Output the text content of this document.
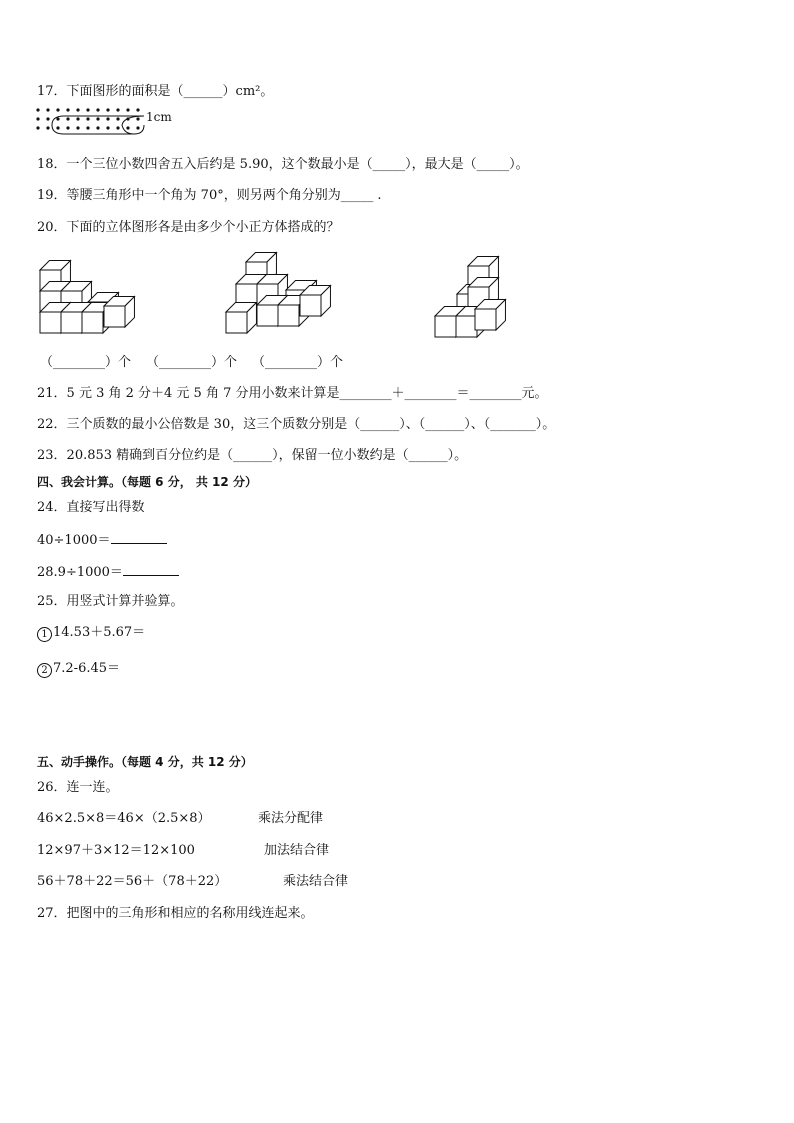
17．下面图形的面积是（______）cm²。
1cm
18．一个三位小数四舍五入后约是 5.90，这个数最小是（_____），最大是（_____）。
19．等腰三角形中一个角为 70°，则另两个角分别为_____ .
20．下面的立体图形各是由多少个小正方体搭成的？
（________）个 （________）个 （________）个
21．5 元 3 角 2 分＋4 元 5 角 7 分用小数来计算是________＋________＝________元。
22．三个质数的最小公倍数是 30，这三个质数分别是（______）、（______）、（_______）。
23．20.853 精确到百分位约是（______），保留一位小数约是（______）。
四、我会计算。（每题 6 分， 共 12 分）
24．直接写出得数
40÷1000＝
28.9÷1000＝
25．用竖式计算并验算。
1 14.53＋5.67＝
2 7.2-6.45＝
五、动手操作。（每题 4 分，共 12 分）
26．连一连。
46×2.5×8＝46×（2.5×8）	乘法分配律
12×97＋3×12＝12×100	加法结合律
56＋78＋22＝56＋（78＋22）	乘法结合律
27．把图中的三角形和相应的名称用线连起来。
